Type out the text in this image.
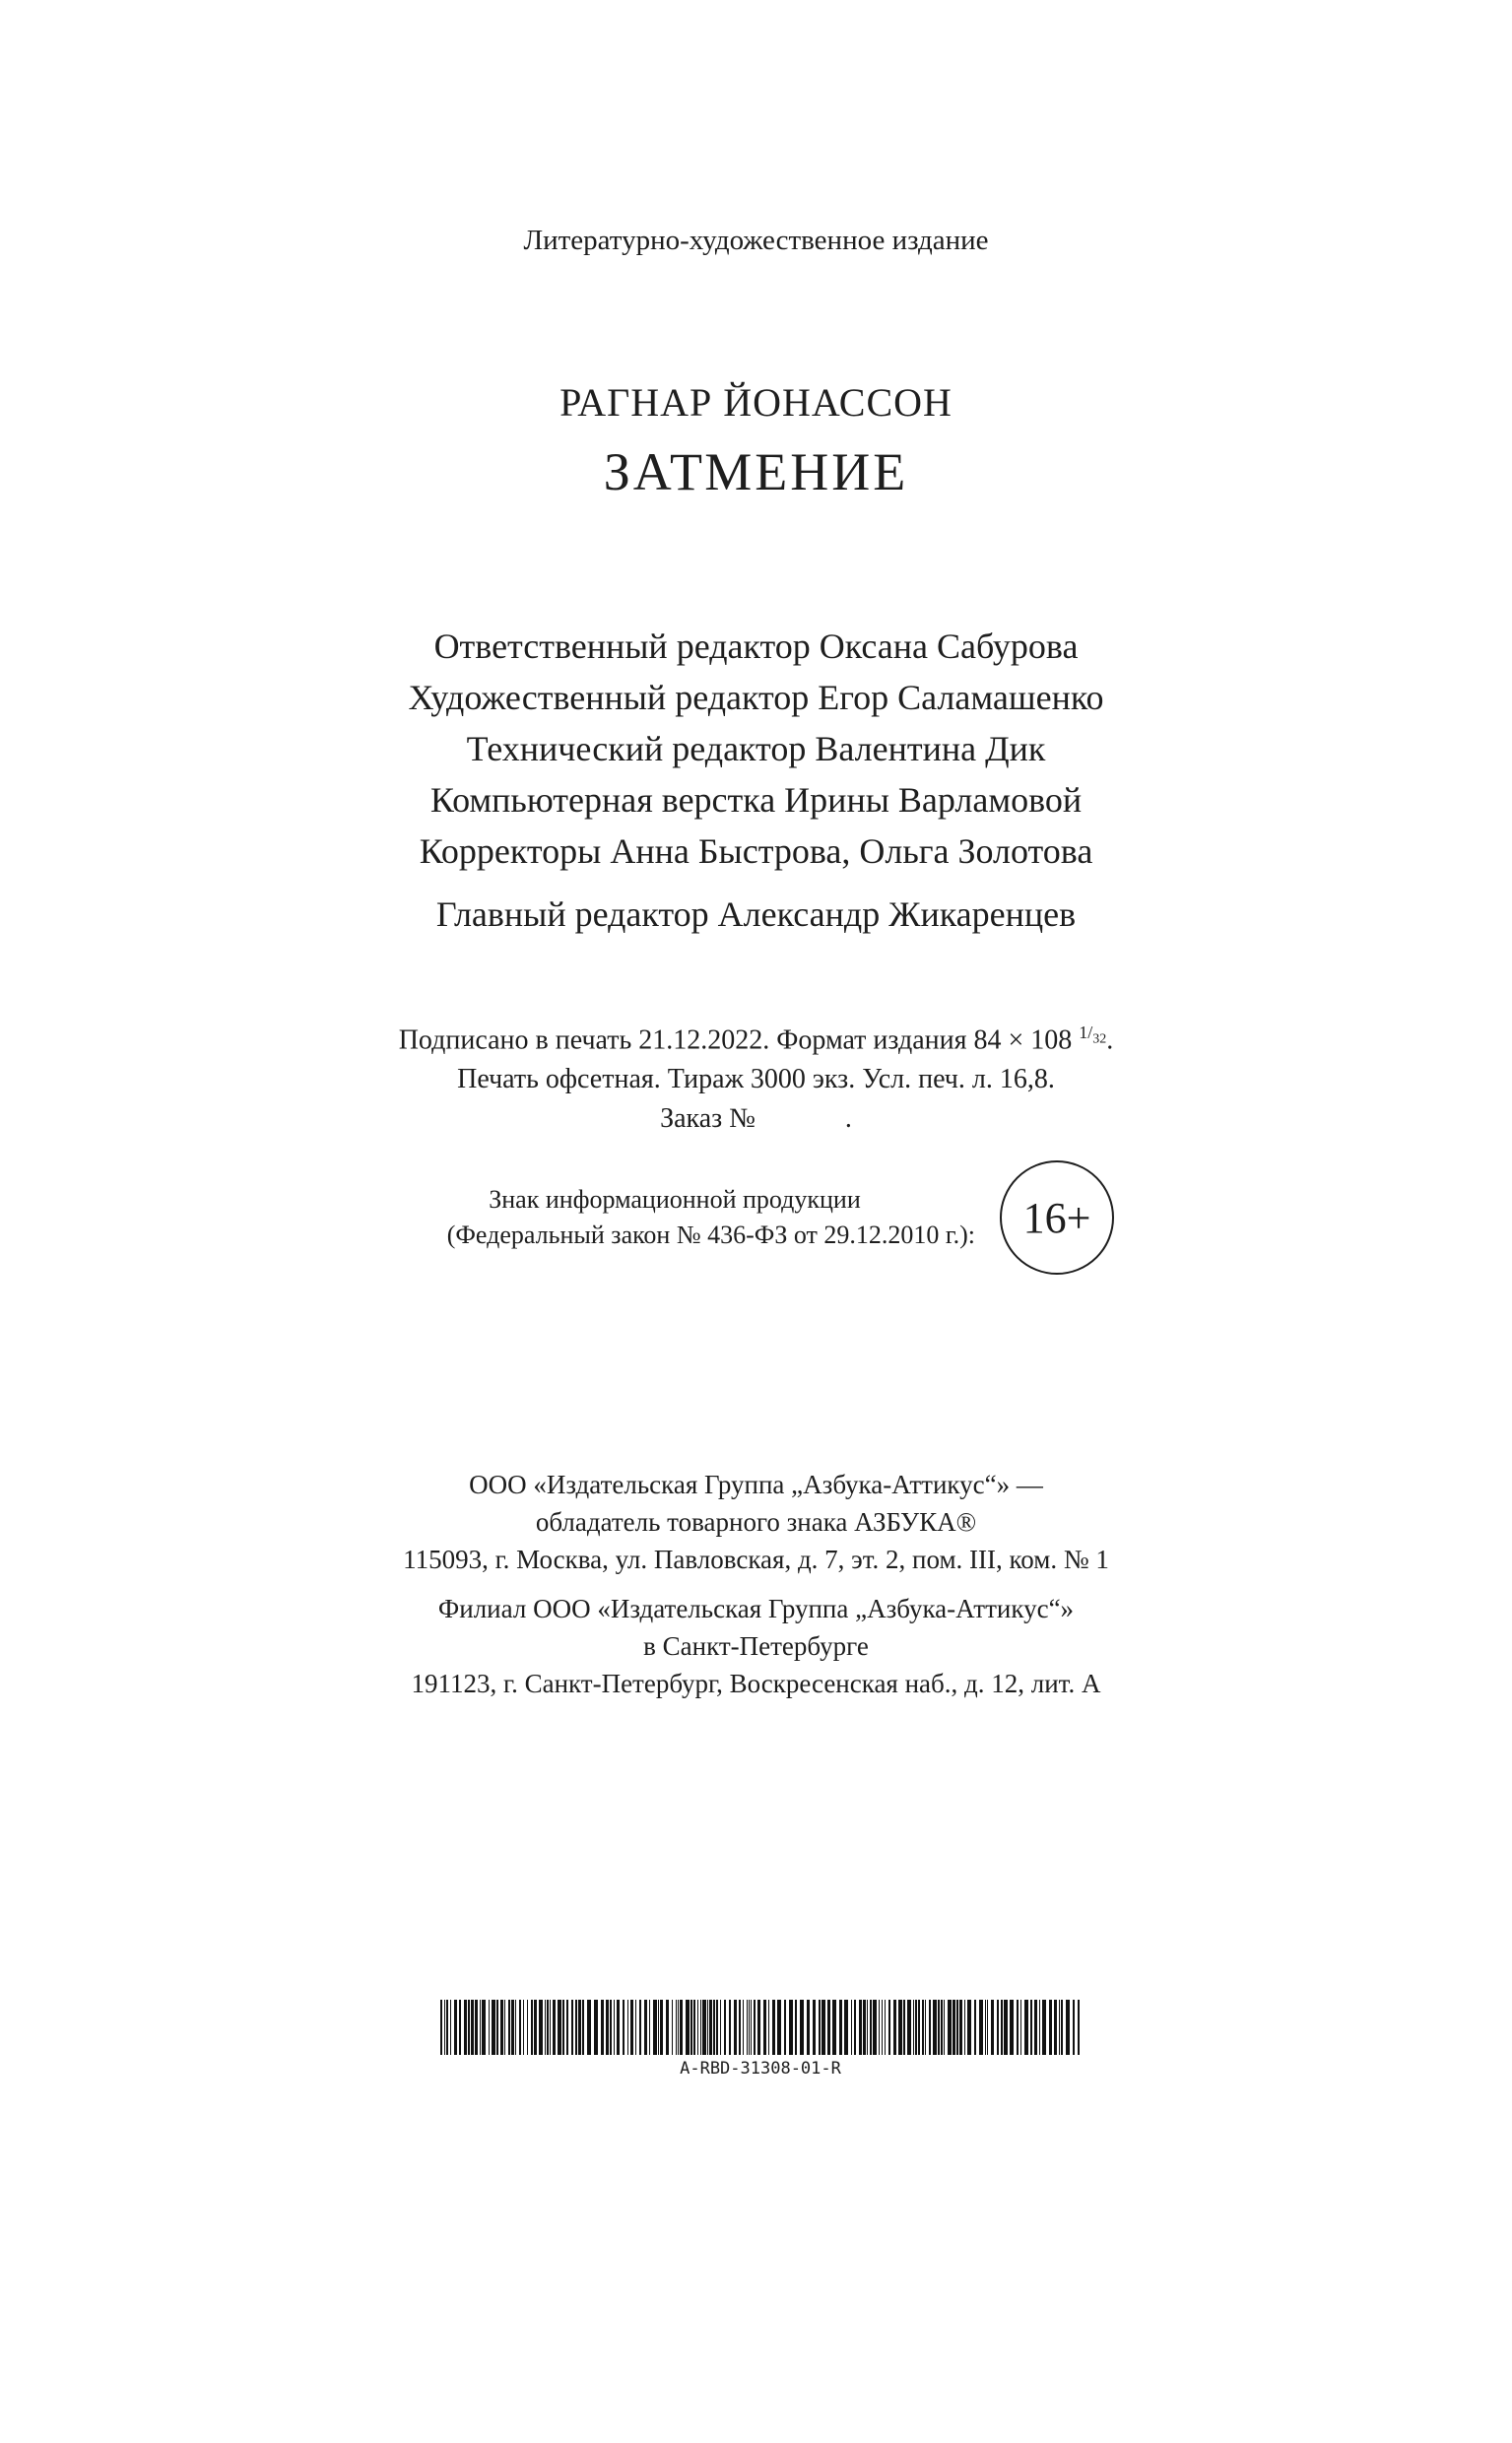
Литературно-художественное издание
РАГНАР ЙОНАССОН
ЗАТМЕНИЕ
Ответственный редактор Оксана Сабурова
Художественный редактор Егор Саламашенко
Технический редактор Валентина Дик
Компьютерная верстка Ирины Варламовой
Корректоры Анна Быстрова, Ольга Золотова
Главный редактор Александр Жикаренцев
Подписано в печать 21.12.2022. Формат издания 84 × 108 $^{1/_{32}}$.
Печать офсетная. Тираж 3000 экз. Усл. печ. л. 16,8.
Заказ №             .
Знак информационной продукции
(Федеральный закон № 436-ФЗ от 29.12.2010 г.):	16+
ООО «Издательская Группа „Азбука-Аттикус“» —
обладатель товарного знака АЗБУКА®
115093, г. Москва, ул. Павловская, д. 7, эт. 2, пом. III, ком. № 1
Филиал ООО «Издательская Группа „Азбука-Аттикус“»
в Санкт-Петербурге
191123, г. Санкт-Петербург, Воскресенская наб., д. 12, лит. А
A-RBD-31308-01-R
